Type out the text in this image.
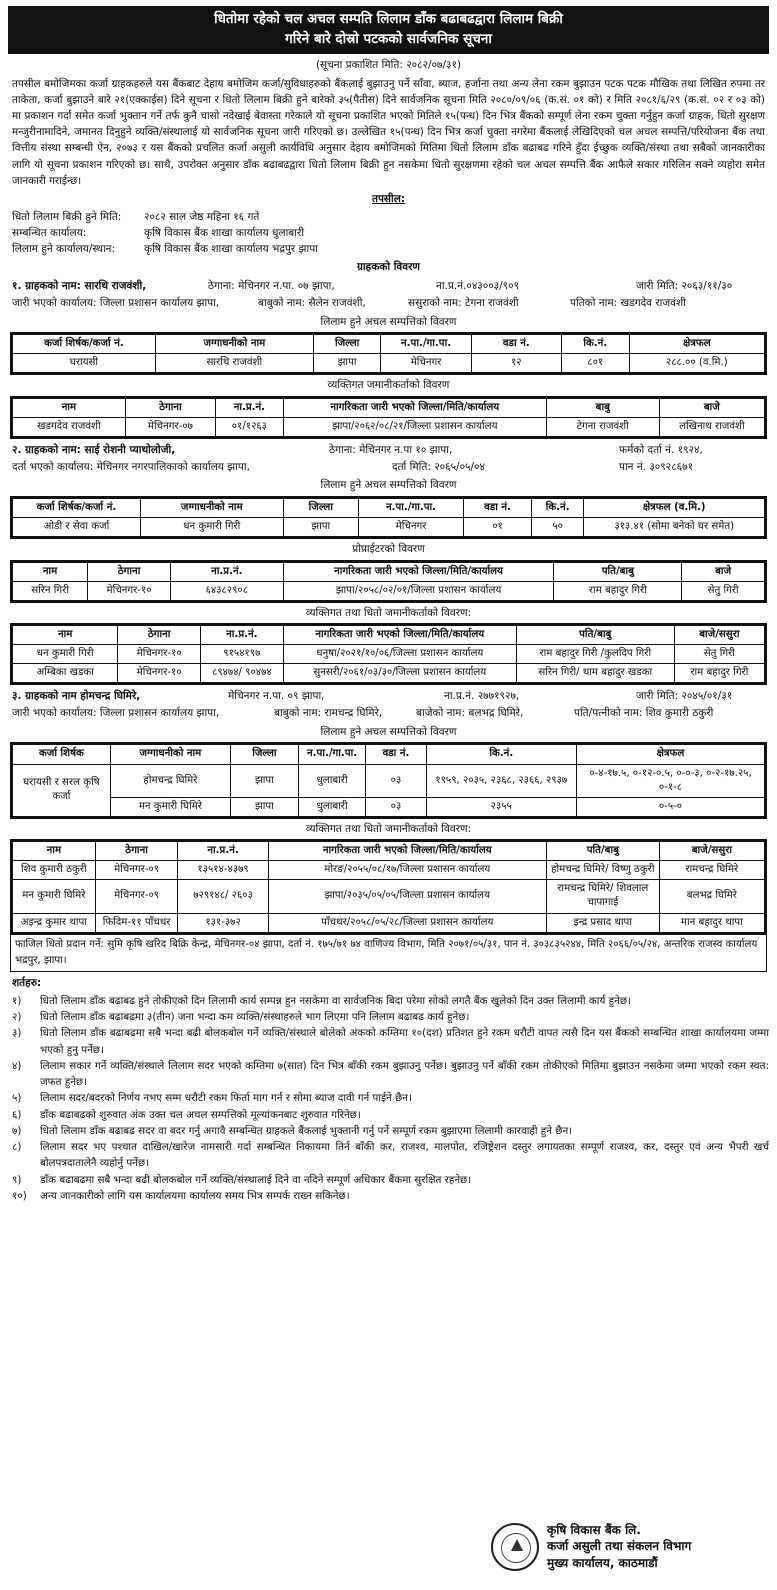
धितोमा रहेको चल अचल सम्पति लिलाम डाँक बढाबढद्वारा लिलाम बिक्री
गरिने बारे दोस्रो पटकको सार्वजनिक सूचना
(सूचना प्रकाशित मिति: २०८२/०७/३१)

तपसील बमोजिमका कर्जा ग्राहकहरुले यस बैंकबाट देहाय बमोजिम कर्जा/सुविधाहरुको बैंकलाई बुझाउनु पर्ने साँवा, ब्याज, हर्जाना तथा अन्य लेना रकम बुझाउन पटक पटक मौखिक तथा लिखित रुपमा तर ताकेता, कर्जा बुझाउने बारे २१(एक्काईस) दिने सूचना र धितो लिलाम बिक्री हुने बारेको ३५(पैतीस) दिने सार्वजनिक सूचना मिति २०८०/०९/०६ (क.सं. ०१ को) र मिति २०८१/६/२९ (क.सं. ०२ र ०३ को) मा प्रकाशन गर्दा समेत कर्जा भुक्तान गर्ने तर्फ कुनै चासो नदेखाई बेवास्ता गरेकाले यो सूचना प्रकाशित भएको मितिले १५(पन्ध) दिन भित्र बैंकको सम्पूर्ण लेना रकम चुक्ता गर्नुहुन कर्जा ग्राहक, धितो सुरक्षण मन्जुरीनामादिने, जमानत दिनुहुने व्यक्ति/संस्थालाई यो सार्वजनिक सूचना जारी गरिएको छ। उल्लेखित १५(पन्ध) दिन भित्र कर्जा चुक्ता नगरेमा बैंकलाई लेखिदिएको चल अचल सम्पत्ति/परियोजना बैंक तथा वित्तीय संस्था सम्बन्धी ऐन, २०७३ र यस बैंकको प्रचलित कर्जा असुली कार्यविधि अनुसार देहाय बमोजिमको मितिमा धितो लिलाम डाँक बढाबढ गरिने हुँदा ईच्छुक व्यक्ति/संस्था तथा सबैको जानकारीका लागि यो सूचना प्रकाशन गरिएको छ। साथै, उपरोक्त अनुसार डाँक बढाबढद्वारा धितो लिलाम बिक्री हुन नसकेमा धितो सुरक्षणमा रहेको चल अचल सम्पत्ति बैंक आफैले सकार गरिलिन सक्ने व्यहोरा समेत जानकारी गराईन्छ।

तपसील:
धितो लिलाम बिक्री हुने मिति:	२०८२ साल जेष्ठ महिना १६ गते
सम्बन्धित कार्यालय:	कृषि विकास बैंक शाखा कार्यालय धुलाबारी
लिलाम हुने कार्यालय/स्थान:	कृषि विकास बैंक शाखा कार्यालय भद्रपुर झापा
ग्राहकको विवरण
१. ग्राहकको नाम: सारथि राजवंशी,	ठेगाना: मेचिनगर न.पा. ०७ झापा,	ना.प्र.नं.०४३००३/९०९	जारी मिति: २०६३/११/३०
जारी भएको कार्यालय: जिल्ला प्रशासन कार्यालय झापा,	बाबुको नाम: सैलेन राजवंशी,	ससुराको नाम: टेगना राजवंशी	पतिको नाम: खडगदेव राजवंशी
लिलाम हुने अचल सम्पत्तिको विवरण
कर्जा शिर्षक/कर्जा नं.	जग्गाधनीको नाम	जिल्ला	न.पा./गा.पा.	वडा नं.	कि.नं.	क्षेत्रफल
घरायसी	सारथि राजवंशी	झापा	मेचिनगर	१२	८०१	२८८.०० (व.मि.)
व्यक्तिगत जमानीकर्ताको विवरण
नाम	ठेगाना	ना.प्र.नं.	नागरिकता जारी भएको जिल्ला/मिति/कार्यालय	बाबु	बाजे
खडगदेव राजवंशी	मेचिनगर-०७	०१/१२६३	झापा/२०६२/०८/२१/जिल्ला प्रशासन कार्यालय	टेगना राजवंशी	लखिनाथ राजवंशी
२. ग्राहकको नाम: साई रोशनी प्याथोलोजी,	ठेगाना: मेचिनगर न.पा १० झापा,	फर्मको दर्ता नं. १९२४,
दर्ता भएको कार्यालय: मेचिनगर नगरपालिकाको कार्यालय झापा,	दर्ता मिति: २०६५/०५/०४	पान नं. ३०९२८६७१
लिलाम हुने अचल सम्पत्तिको विवरण
कर्जा शिर्षक/कर्जा नं.	जग्गाधनीको नाम	जिल्ला	न.पा./गा.पा.	वडा नं.	कि.नं.	क्षेत्रफल (व.मि.)
ओडी र सेवा कर्जा	धन कुमारी गिरी	झापा	मेचिनगर	०१	५०	३१३.४१ (सोमा बनेको घर समेत)
प्रोप्राईटरको विवरण
नाम	ठेगाना	ना.प्र.नं.	नागरिकता जारी भएको जिल्ला/मिति/कार्यालय	पति/बाबु	बाजे
सरिन गिरी	मेचिनगर-१०	६४३८२९०८	झापा/२०५८/०२/०१/जिल्ला प्रशासन कार्यालय	राम बहादुर गिरी	सेतु गिरी
व्यक्तिगत तथा धितो जमानीकर्ताको विवरण:
नाम	ठेगाना	ना.प्र.नं.	नागरिकता जारी भएको जिल्ला/मिति/कार्यालय	पति/बाबु	बाजे/ससुरा
धन कुमारी गिरी	मेचिनगर-१०	९१५४१९७	धनुषा/२०२१/१०/०६/जिल्ला प्रशासन कार्यालय	राम बहादुर गिरी /कुलदिप गिरी	सेतु गिरी
अम्बिका खडका	मेचिनगर-१०	८९४७४/ ९०४७४	सुनसरी/२०६१/०३/३०/जिल्ला प्रशासन कार्यालय	सरिन गिरी/ थाम बहादुर खडका	राम बहादुर गिरी
३. ग्राहकको नाम होमचन्द्र घिमिरे,	मेचिनगर न.पा. ०९ झापा,	ना.प्र.नं. २७७१९२७,	जारी मिति: २०४५/०१/३१
जारी भएको कार्यालय: जिल्ला प्रशासन कार्यालय झापा,	बाबुको नाम: रामचन्द्र घिमिरे,	बाजेको नाम: बलभद्र घिमिरे,	पति/पत्नीको नाम: शिव कुमारी ठकुरी
लिलाम हुने अचल सम्पत्तिको विवरण
कर्जा शिर्षक	जग्गाधनीको नाम	जिल्ला	न.पा./गा.पा.	वडा नं.	कि.नं.	क्षेत्रफल
घरायसी र सरल कृषि कर्जा	होमचन्द्र घिमिरे	झापा	धुलाबारी	०३	१९५९, २०३५, २३६८, २३६६, २९३७	०-४-१७.५, ०-१२-०.५, ०-०-३, ०-२-१७.२५, ०-१-८
	मन कुमारी घिमिरे	झापा	धुलाबारी	०३	२३५५	०-५-०
व्यक्तिगत तथा धितो जमानीकर्ताको विवरण:
नाम	ठेगाना	ना.प्र.नं.	नागरिकता जारी भएको जिल्ला/मिति/कार्यालय	पति/बाबु	बाजे/ससुरा
शिव कुमारी ठकुरी	मेचिनगर-०९	१३५१४-४३७९	मोरङ/२०५५/०८/१७/जिल्ला प्रशासन कार्यालय	होमचन्द्र घिमिरे/ विष्णु ठकुरी	रामचन्द्र घिमिरे
मन कुमारी घिमिरे	मेचिनगर-०९	७२९१४८/ २६०३	झापा/२०३५/०५/०५/जिल्ला प्रशासन कार्यालय	रामचन्द्र घिमिरे/ शिवलाल चापागाई	बलभद्र घिमिरे
अइन्द्र कुमार थापा	फिदिम-११ पाँचथर	१३१-३७२	पाँचथर/२०५८/०५/२८/जिल्ला प्रशासन कार्यालय	इन्द्र प्रसाद थापा	मान बहादुर थापा
फाजिल धितो प्रदान गर्ने: सुमि कृषि खरिद बिक्रि केन्द्र, मेचिनगर-०४ झापा, दर्ता नं. १७५/७१ ७४ वाणिज्य विभाग, मिति २०७१/०५/३१, पान नं. ३०३८३५२४४, मिति २०६६/०५/२४, अन्तरिक राजस्व कार्यालय भद्रपुर, झापा।
शर्तहरु:
१)	धितो लिलाम डाँक बढाबढ हुने तोकीएको दिन लिलामी कार्य सम्पन्न हुन नसकेमा वा सार्वजनिक बिदा परेमा सोको लगतै बैंक खुलेको दिन उक्त लिलामी कार्य हुनेछ।
२)	धितो लिलाम डाँक बढाबढमा ३(तीन) जना भन्दा कम व्यक्ति/संस्थाहरुले भाग लिएमा पनि लिलाम बढाबढ कार्य हुनेछ।
३)	धितो लिलाम डाँक बढाबढमा सबै भन्दा बढी बोलकबोल गर्ने व्यक्ति/संस्थाले बोलेको अंकको कम्तिमा १०(दश) प्रतिशत हुने रकम धरौटी वापत त्यसै दिन यस बैंकको सम्बन्धित शाखा कार्यालयमा जम्मा भएको हुनु पर्नेछ।
४)	लिलाम सकार गर्ने व्यक्ति/संस्थाले लिलाम सदर भएको कम्तिमा ७(सात) दिन भित्र बाँकी रकम बुझाउनु पर्नेछ। बुझाउनु पर्ने बाँकी रकम तोकीएको मितिमा बुझाउन नसकेमा जम्मा भएको रकम स्वत: जफत हुनेछ।
५)	लिलाम सदर/बदरको निर्णय नभए सम्म धरौटी रकम फिर्ता माग गर्न र सोमा ब्याज दावी गर्न पाईने छैन।
६)	डाँक बढाबढको शुरुवात अंक उक्त चल अचल सम्पत्तिको मूल्यांकनबाट शुरुवात गरिनेछ।
७)	धितो लिलाम डाँक बढाबढ सदर वा बदर गर्नु अगावै सम्बन्धित ग्राहकले बैंकलाई भुक्तानी गर्नु पर्ने सम्पूर्ण रकम बुझाएमा लिलामी कारवाही हुने छैन।
८)	लिलाम सदर भए पश्चात दाखिल/खारेज नामसारी गर्दा सम्बन्धित निकायमा तिर्न बाँकी कर, राजश्व, मालपोत, रजिष्ट्रेशन दस्तुर लगायतका सम्पूर्ण राजश्व, कर, दस्तुर एवं अन्य भैपरी खर्च बोलपत्रदातालेनै व्यहोर्नु पर्नेछ।
९)	डाँक बढाबढमा सबै भन्दा बढी बोलकबोल गर्ने व्यक्ति/संस्थालाई दिने वा नदिने सम्पूर्ण अधिकार बैंकमा सुरक्षित रहनेछ।
१०)	अन्य जानकारीको लागि यस कार्यालयमा कार्यालय समय भित्र सम्पर्क राख्न सकिनेछ।
कृषि विकास बैंक लि.
कर्जा असुली तथा संकलन विभाग
मुख्य कार्यालय, काठमाडौं
